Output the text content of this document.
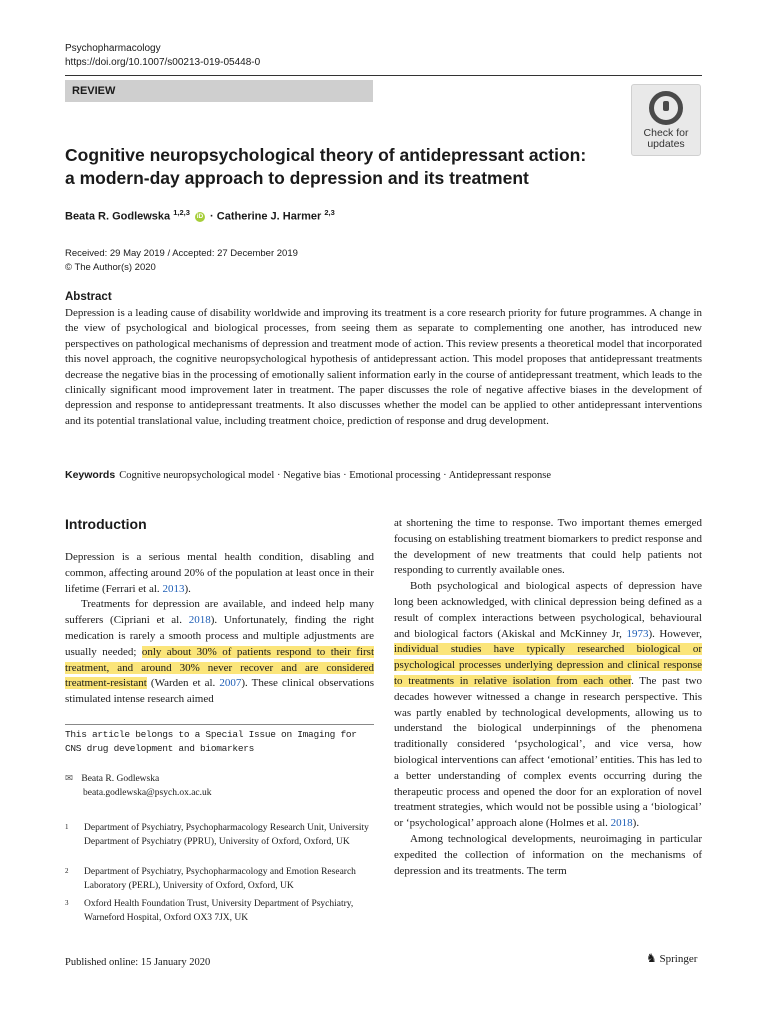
Psychopharmacology
https://doi.org/10.1007/s00213-019-05448-0
REVIEW
Check for
updates
Cognitive neuropsychological theory of antidepressant action:
a modern-day approach to depression and its treatment
Beata R. Godlewska $^{1,2,3}$ iD · Catherine J. Harmer $^{2,3}$
Received: 29 May 2019 / Accepted: 27 December 2019
© The Author(s) 2020
Abstract
Depression is a leading cause of disability worldwide and improving its treatment is a core research priority for future programmes. A change in the view of psychological and biological processes, from seeing them as separate to complementing one another, has introduced new perspectives on pathological mechanisms of depression and treatment mode of action. This review presents a theoretical model that incorporated this novel approach, the cognitive neuropsychological hypothesis of antidepressant action. This model proposes that antidepressant treatments decrease the negative bias in the processing of emotionally salient information early in the course of antidepressant treatment, which leads to the clinically significant mood improvement later in treatment. The paper discusses the role of negative affective biases in the development of depression and response to antidepressant treatments. It also discusses whether the model can be applied to other antidepressant interventions and its potential translational value, including treatment choice, prediction of response and drug development.
Keywords Cognitive neuropsychological model · Negative bias · Emotional processing · Antidepressant response
Introduction

Depression is a serious mental health condition, disabling and common, affecting around 20% of the population at least once in their lifetime (Ferrari et al. 2013).

Treatments for depression are available, and indeed help many sufferers (Cipriani et al. 2018). Unfortunately, finding the right medication is rarely a smooth process and multiple adjustments are usually needed; only about 30% of patients respond to their first treatment, and around 30% never recover and are considered treatment-resistant (Warden et al. 2007). These clinical observations stimulated intense research aimed

at shortening the time to response. Two important themes emerged focusing on establishing treatment biomarkers to predict response and the development of new treatments that could help patients not responding to currently available ones.

Both psychological and biological aspects of depression have long been acknowledged, with clinical depression being defined as a result of complex interactions between psychological, behavioural and biological factors (Akiskal and McKinney Jr, 1973). However, individual studies have typically researched biological or psychological processes underlying depression and clinical response to treatments in relative isolation from each other. The past two decades however witnessed a change in research perspective. This was partly enabled by technological developments, allowing us to understand the biological underpinnings of the phenomena traditionally considered ‘psychological’, and vice versa, how biological interventions can affect ‘emotional’ entities. This has led to a better understanding of complex events occurring during the therapeutic process and opened the door for an exploration of novel treatment strategies, which would not be possible using a ‘biological’ or ‘psychological’ approach alone (Holmes et al. 2018).

Among technological developments, neuroimaging in particular expedited the collection of information on the mechanisms of depression and its treatments. The term

This article belongs to a Special Issue on Imaging for CNS drug development and biomarkers
✉ Beata R. Godlewska
beata.godlewska@psych.ox.ac.uk
1 Department of Psychiatry, Psychopharmacology Research Unit, University Department of Psychiatry (PPRU), University of Oxford, Oxford, UK
2 Department of Psychiatry, Psychopharmacology and Emotion Research Laboratory (PERL), University of Oxford, Oxford, UK
3 Oxford Health Foundation Trust, University Department of Psychiatry, Warneford Hospital, Oxford OX3 7JX, UK
Published online: 15 January 2020	♞ Springer
